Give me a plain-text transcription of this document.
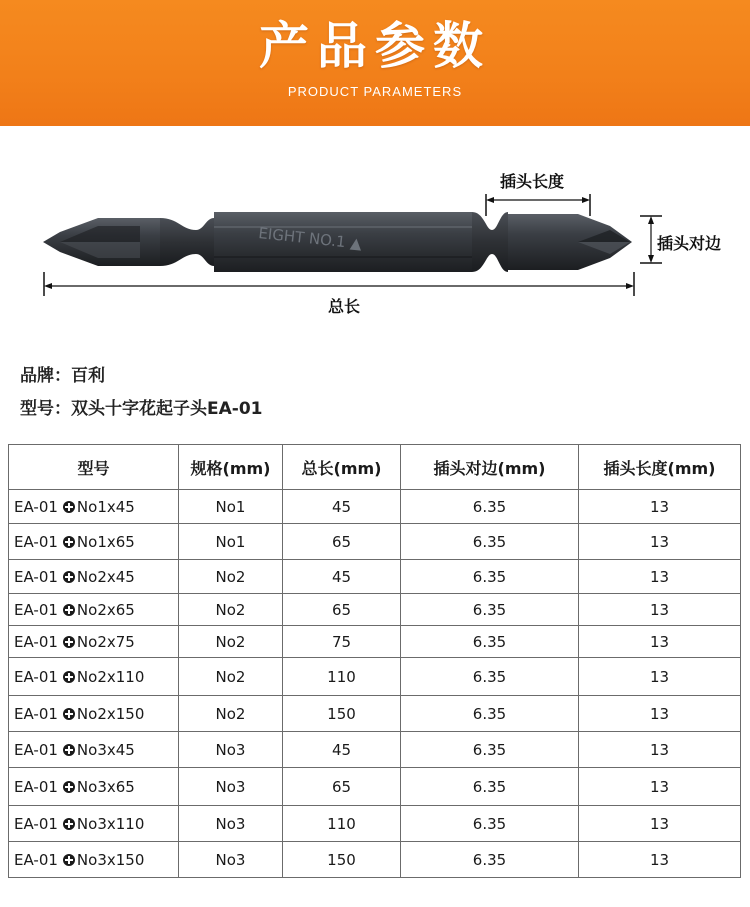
产品参数
PRODUCT PARAMETERS
EIGHT NO.1 ▲
插头长度
插头对边
总长
品牌：百利
型号：双头十字花起子头EA-01
型号	规格(mm)	总长(mm)	插头对边(mm)	插头长度(mm)
EA-01 No1x45	No1	45	6.35	13
EA-01 No1x65	No1	65	6.35	13
EA-01 No2x45	No2	45	6.35	13
EA-01 No2x65	No2	65	6.35	13
EA-01 No2x75	No2	75	6.35	13
EA-01 No2x110	No2	110	6.35	13
EA-01 No2x150	No2	150	6.35	13
EA-01 No3x45	No3	45	6.35	13
EA-01 No3x65	No3	65	6.35	13
EA-01 No3x110	No3	110	6.35	13
EA-01 No3x150	No3	150	6.35	13
